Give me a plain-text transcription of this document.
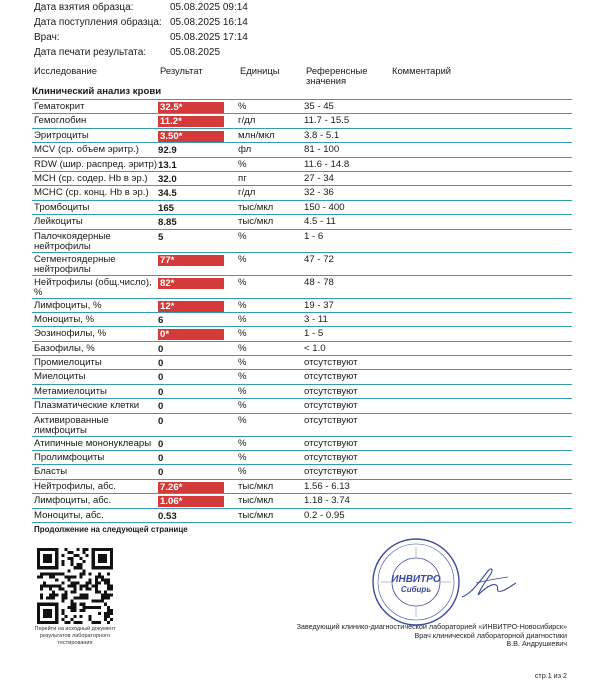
Дата взятия образца:	05.08.2025 09:14
Дата поступления образца: 05.08.2025 16:14
Врач:	05.08.2025 17:14
Дата печати результата: 05.08.2025
Исследование	Результат	Единицы	Референсные значения
Комментарий
Клинический анализ крови
Гематокрит	32.5*	%	35 - 45
Гемоглобин	11.2*	г/дл	11.7 - 15.5
Эритроциты	3.50*	млн/мкл	3.8 - 5.1
MCV (ср. объем эритр.)	92.9	фл	81 - 100
RDW (шир. распред. эритр) 13.1	%	11.6 - 14.8
MCH (ср. содер. Hb в эр.)	32.0	пг	27 - 34
MCHC (ср. конц. Hb в эр.) 34.5	г/дл	32 - 36
Тромбоциты	165	тыс/мкл	150 - 400
Лейкоциты	8.85	тыс/мкл	4.5 - 11
Палочкоядерные нейтрофилы
5	%	1 - 6
Сегментоядерные нейтрофилы
77*	%	47 - 72
Нейтрофилы (общ.число), %
82*	%	48 - 78
Лимфоциты, %	12*	%	19 - 37
Моноциты, %	6	%	3 - 11
Эозинофилы, %	0*	%	1 - 5
Базофилы, %	0	%	< 1.0
Промиелоциты	0	%	отсутствуют
Миелоциты	0	%	отсутствуют
Метамиелоциты	0	%	отсутствуют
Плазматические клетки	0	%	отсутствуют
Активированные лимфоциты
0	%	отсутствуют
Атипичные мононуклеары 0	%	отсутствуют
Пролимфоциты	0	%	отсутствуют
Бласты	0	%	отсутствуют
Нейтрофилы, абс.	7.26*	тыс/мкл	1.56 - 6.13
Лимфоциты, абс.	1.06*	тыс/мкл	1.18 - 3.74
Моноциты, абс.	0.53	тыс/мкл	0.2 - 0.95
Продолжение на следующей странице
Перейти на исходный документ результатов лабораторного тестирования
ИНВИТРО
Сибирь
Заведующий клинико-диагностической лабораторией «ИНВИТРО-Новосибирск»
Врач клинической лабораторной диагностики
В.В. Андрушкевич
стр.1 из 2
